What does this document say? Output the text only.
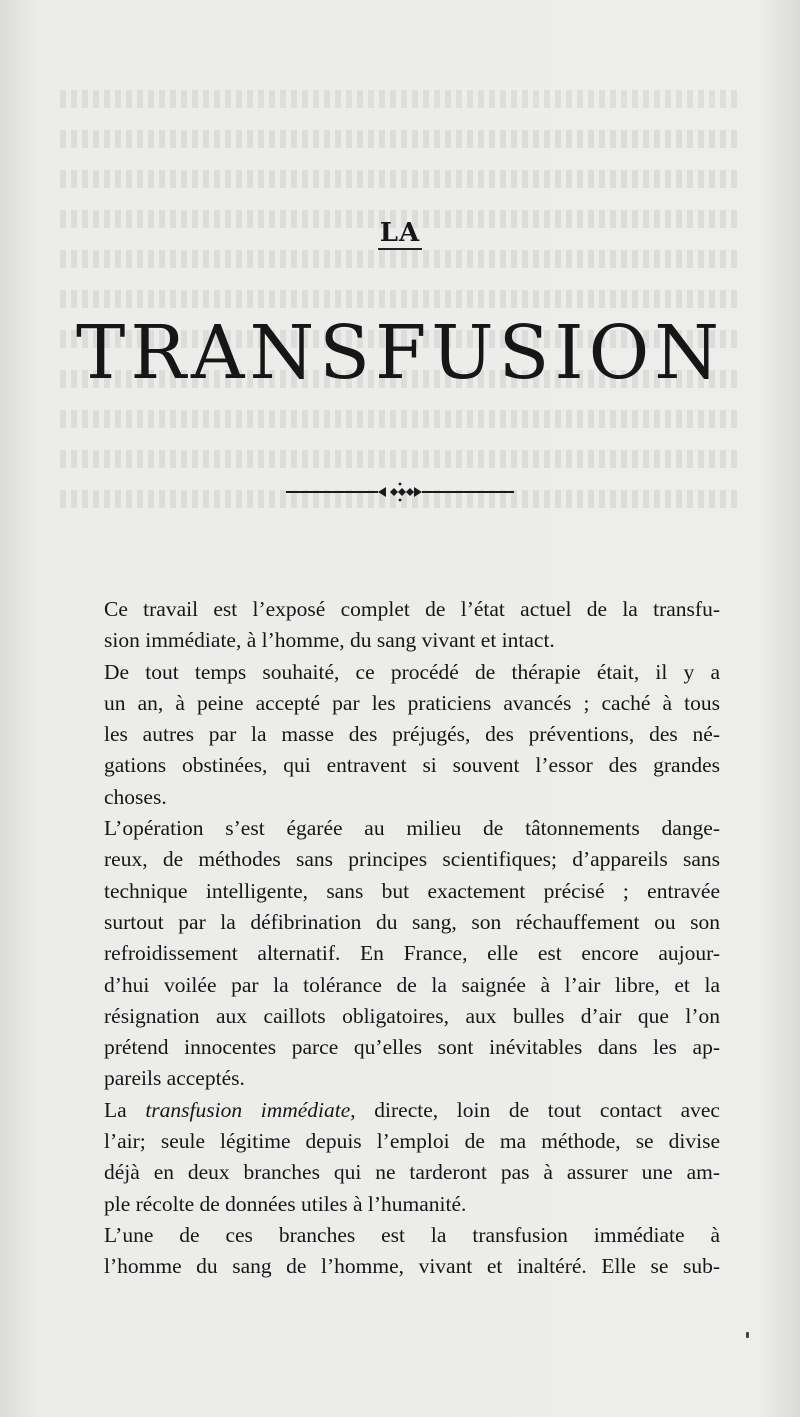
LA
TRANSFUSION

Ce travail est l’exposé complet de l’état actuel de la transfu-
sion immédiate, à l’homme, du sang vivant et intact.

De tout temps souhaité, ce procédé de thérapie était, il y a
un an, à peine accepté par les praticiens avancés ; caché à tous
les autres par la masse des préjugés, des préventions, des né-
gations obstinées, qui entravent si souvent l’essor des grandes
choses.

L’opération s’est égarée au milieu de tâtonnements dange-
reux, de méthodes sans principes scientifiques; d’appareils sans
technique intelligente, sans but exactement précisé ; entravée
surtout par la défibrination du sang, son réchauffement ou son
refroidissement alternatif. En France, elle est encore aujour-
d’hui voilée par la tolérance de la saignée à l’air libre, et la
résignation aux caillots obligatoires, aux bulles d’air que l’on
prétend innocentes parce qu’elles sont inévitables dans les ap-
pareils acceptés.

La transfusion immédiate, directe, loin de tout contact avec
l’air; seule légitime depuis l’emploi de ma méthode, se divise
déjà en deux branches qui ne tarderont pas à assurer une am-
ple récolte de données utiles à l’humanité.

L’une de ces branches est la transfusion immédiate à
l’homme du sang de l’homme, vivant et inaltéré. Elle se sub-
